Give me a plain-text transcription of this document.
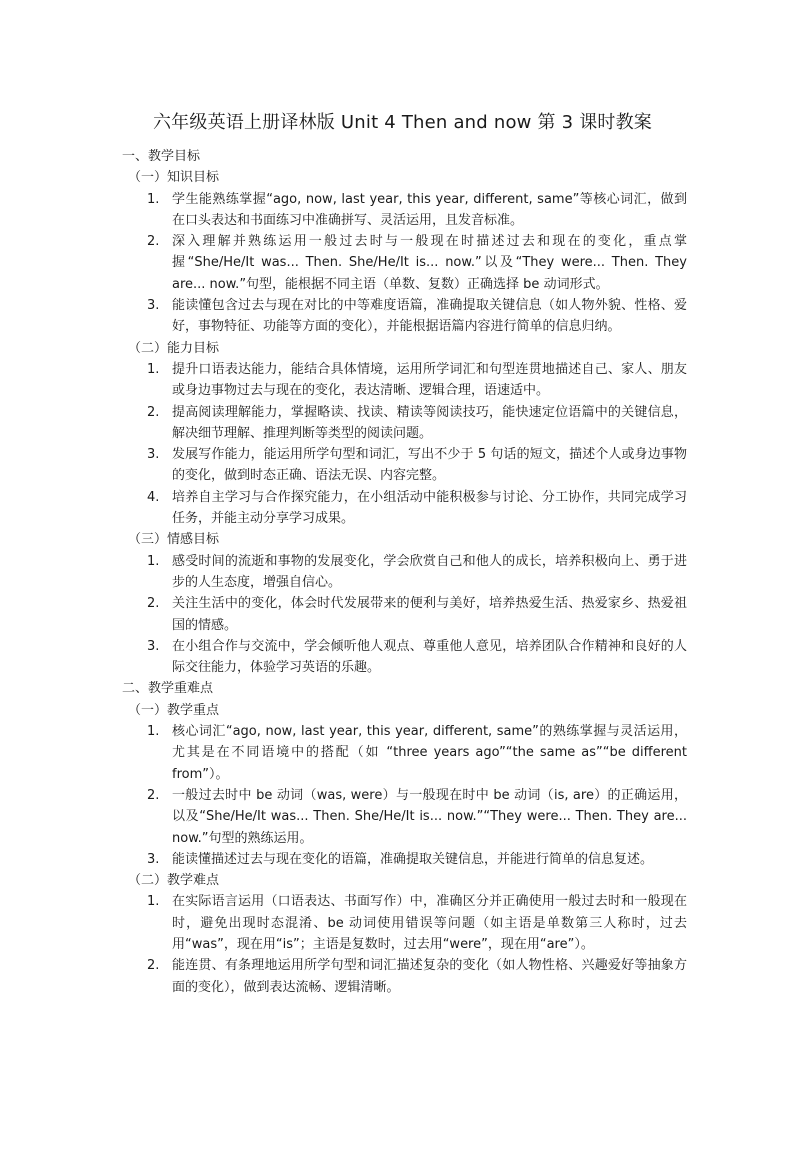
六年级英语上册译林版 Unit 4 Then and now 第 3 课时教案
一、教学目标
（一）知识目标
1. 学生能熟练掌握“ago, now, last year, this year, different, same”等核心词汇，做到在口头表达和书面练习中准确拼写、灵活运用，且发音标准。
2. 深入理解并熟练运用一般过去时与一般现在时描述过去和现在的变化，重点掌握“She/He/It was... Then. She/He/It is... now.”以及“They were... Then. They are... now.”句型，能根据不同主语（单数、复数）正确选择 be 动词形式。
3. 能读懂包含过去与现在对比的中等难度语篇，准确提取关键信息（如人物外貌、性格、爱好，事物特征、功能等方面的变化），并能根据语篇内容进行简单的信息归纳。
（二）能力目标
1. 提升口语表达能力，能结合具体情境，运用所学词汇和句型连贯地描述自己、家人、朋友或身边事物过去与现在的变化，表达清晰、逻辑合理，语速适中。
2. 提高阅读理解能力，掌握略读、找读、精读等阅读技巧，能快速定位语篇中的关键信息，解决细节理解、推理判断等类型的阅读问题。
3. 发展写作能力，能运用所学句型和词汇，写出不少于 5 句话的短文，描述个人或身边事物的变化，做到时态正确、语法无误、内容完整。
4. 培养自主学习与合作探究能力，在小组活动中能积极参与讨论、分工协作，共同完成学习任务，并能主动分享学习成果。
（三）情感目标
1. 感受时间的流逝和事物的发展变化，学会欣赏自己和他人的成长，培养积极向上、勇于进步的人生态度，增强自信心。
2. 关注生活中的变化，体会时代发展带来的便利与美好，培养热爱生活、热爱家乡、热爱祖国的情感。
3. 在小组合作与交流中，学会倾听他人观点、尊重他人意见，培养团队合作精神和良好的人际交往能力，体验学习英语的乐趣。
二、教学重难点
（一）教学重点
1. 核心词汇“ago, now, last year, this year, different, same”的熟练掌握与灵活运用，尤其是在不同语境中的搭配（如 “three years ago”“the same as”“be different from”）。
2. 一般过去时中 be 动词（was, were）与一般现在时中 be 动词（is, are）的正确运用，以及“She/He/It was... Then. She/He/It is... now.”“They were... Then. They are... now.”句型的熟练运用。
3. 能读懂描述过去与现在变化的语篇，准确提取关键信息，并能进行简单的信息复述。
（二）教学难点
1. 在实际语言运用（口语表达、书面写作）中，准确区分并正确使用一般过去时和一般现在时，避免出现时态混淆、be 动词使用错误等问题（如主语是单数第三人称时，过去用“was”，现在用“is”；主语是复数时，过去用“were”，现在用“are”）。
2. 能连贯、有条理地运用所学句型和词汇描述复杂的变化（如人物性格、兴趣爱好等抽象方面的变化），做到表达流畅、逻辑清晰。
